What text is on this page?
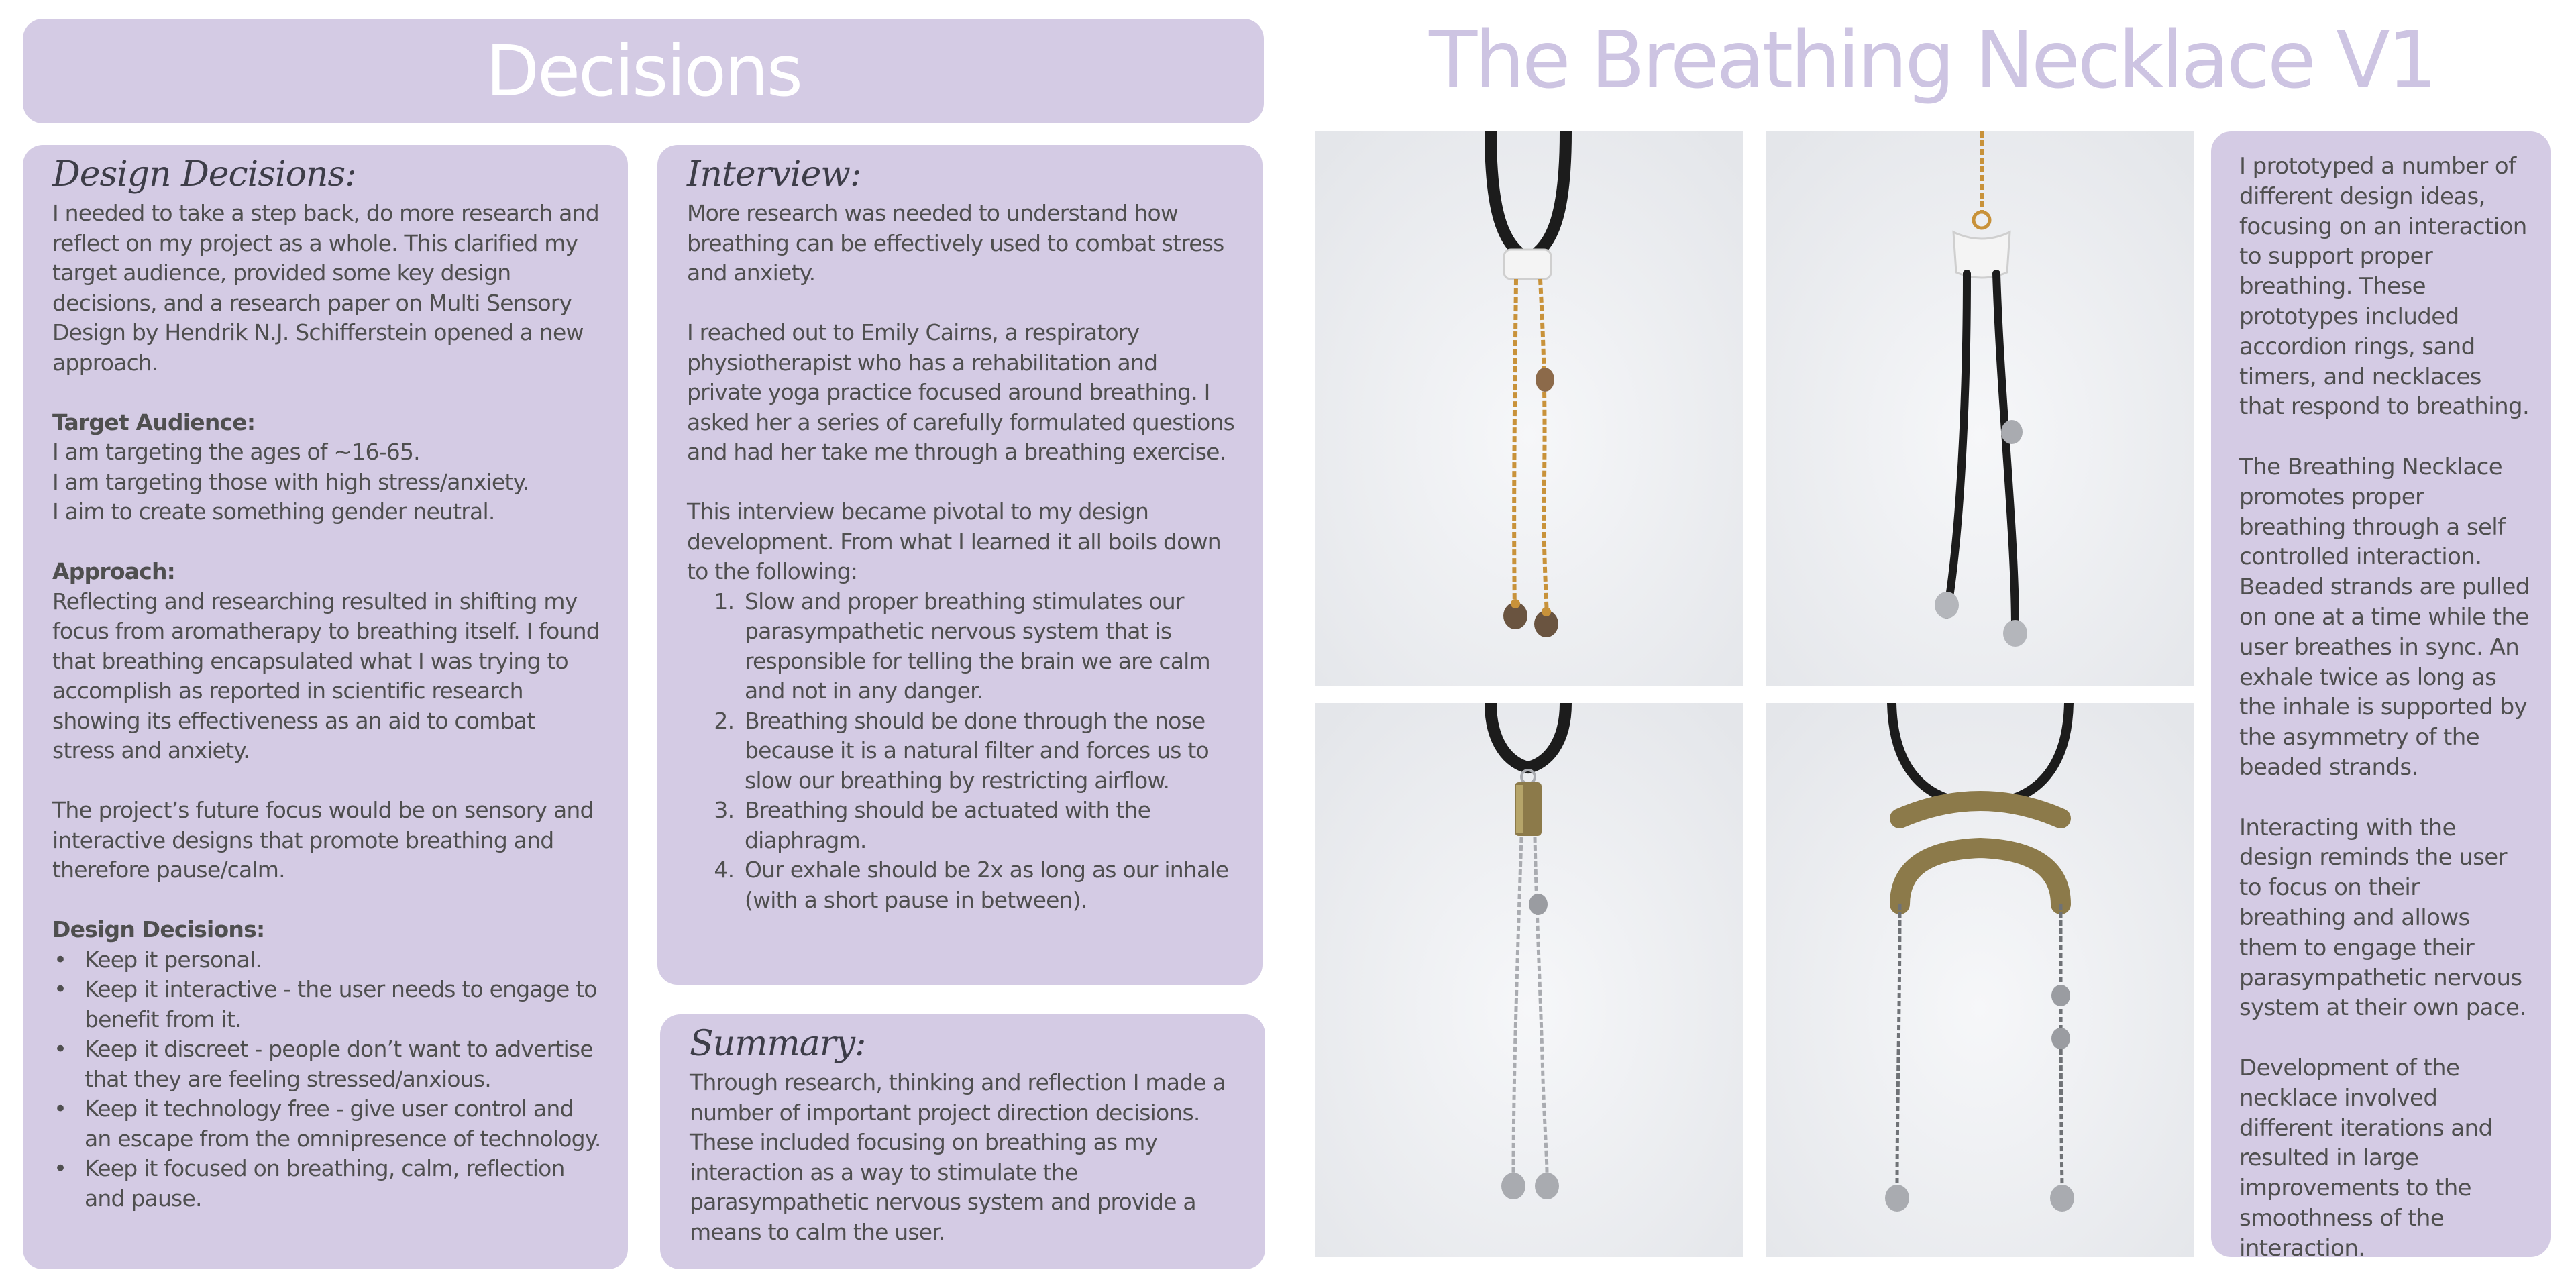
Decisions	The Breathing Necklace V1
Design Decisions:

I needed to take a step back, do more research and reflect on my project as a whole. This clarified my target audience, provided some key design decisions, and a research paper on Multi Sensory Design by Hendrik N.J. Schifferstein opened a new approach.

Target Audience:
I am targeting the ages of ~16-65.
I am targeting those with high stress/anxiety.
I aim to create something gender neutral.
Approach:

Reflecting and researching resulted in shifting my focus from aromatherapy to breathing itself. I found that breathing encapsulated what I was trying to accomplish as reported in scientific research showing its effectiveness as an aid to combat stress and anxiety.

The project’s future focus would be on sensory and interactive designs that promote breathing and therefore pause/calm.

Design Decisions:
• Keep it personal.
• Keep it interactive - the user needs to engage to benefit from it.
• Keep it discreet - people don’t want to advertise that they are feeling stressed/anxious.
• Keep it technology free - give user control and an escape from the omnipresence of technology.
• Keep it focused on breathing, calm, reflection and pause.
Interview:

More research was needed to understand how breathing can be effectively used to combat stress and anxiety.

I reached out to Emily Cairns, a respiratory physiotherapist who has a rehabilitation and private yoga practice focused around breathing. I asked her a series of carefully formulated questions and had her take me through a breathing exercise.

This interview became pivotal to my design development. From what I learned it all boils down to the following:
1. Slow and proper breathing stimulates our parasympathetic nervous system that is responsible for telling the brain we are calm and not in any danger.
2. Breathing should be done through the nose because it is a natural filter and forces us to slow our breathing by restricting airflow.
3. Breathing should be actuated with the diaphragm.
4. Our exhale should be 2x as long as our inhale (with a short pause in between).
Summary:

Through research, thinking and reflection I made a number of important project direction decisions. These included focusing on breathing as my interaction as a way to stimulate the parasympathetic nervous system and provide a means to calm the user.

I prototyped a number of different design ideas, focusing on an interaction to support proper breathing. These prototypes included accordion rings, sand timers, and necklaces that respond to breathing.

The Breathing Necklace promotes proper breathing through a self controlled interaction. Beaded strands are pulled on one at a time while the user breathes in sync. An exhale twice as long as the inhale is supported by the asymmetry of the beaded strands.

Interacting with the design reminds the user to focus on their breathing and allows them to engage their parasympathetic nervous system at their own pace.

Development of the necklace involved different iterations and resulted in large improvements to the smoothness of the interaction.
